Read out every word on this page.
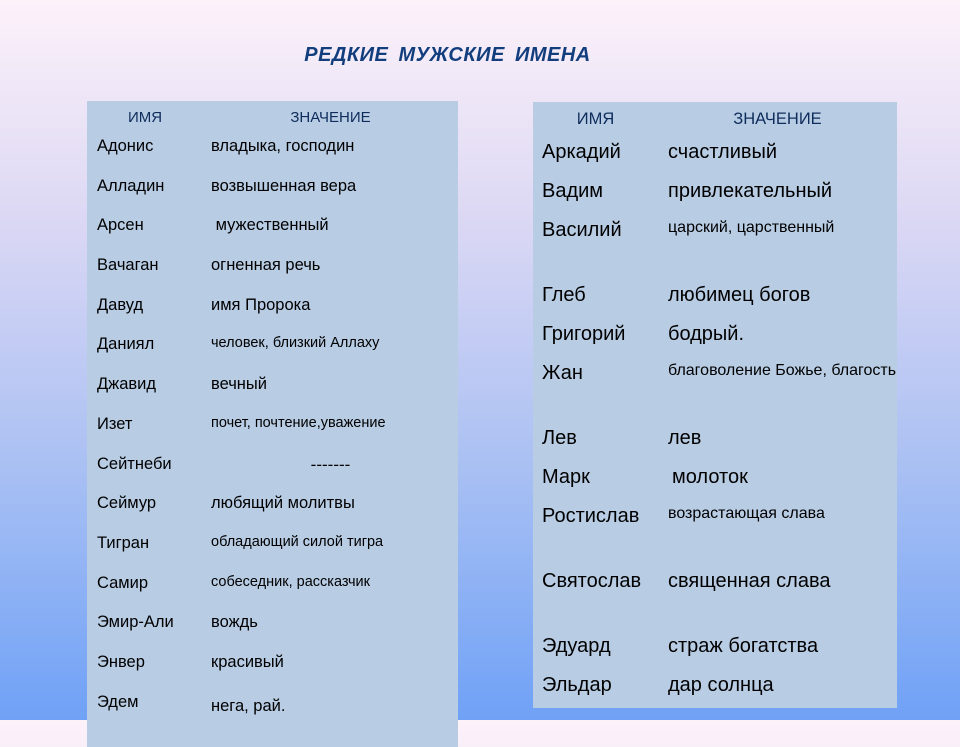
РЕДКИЕ МУЖСКИЕ ИМЕНА
ИМЯ	ЗНАЧЕНИЕ
Адонис	владыка, господин
Алладин	возвышенная вера
Арсен	мужественный
Вачаган	огненная речь
Давуд	имя Пророка
Даниял	человек, близкий Аллаху
Джавид	вечный
Изет	почет, почтение,уважение
Сейтнеби	-------
Сеймур	любящий молитвы
Тигран	обладающий силой тигра
Самир	собеседник, рассказчик
Эмир-Али	вождь
Энвер	красивый
Эдем	нега, рай.
ИМЯ	ЗНАЧЕНИЕ
Аркадий	счастливый
Вадим	привлекательный
Василий	царский, царственный
Глеб	любимец богов
Григорий	бодрый.
Жан	благоволение Божье, благость
Лев	лев
Марк	молоток
Ростислав	возрастающая слава
Святослав	священная слава
Эдуард	страж богатства
Эльдар	дар солнца
